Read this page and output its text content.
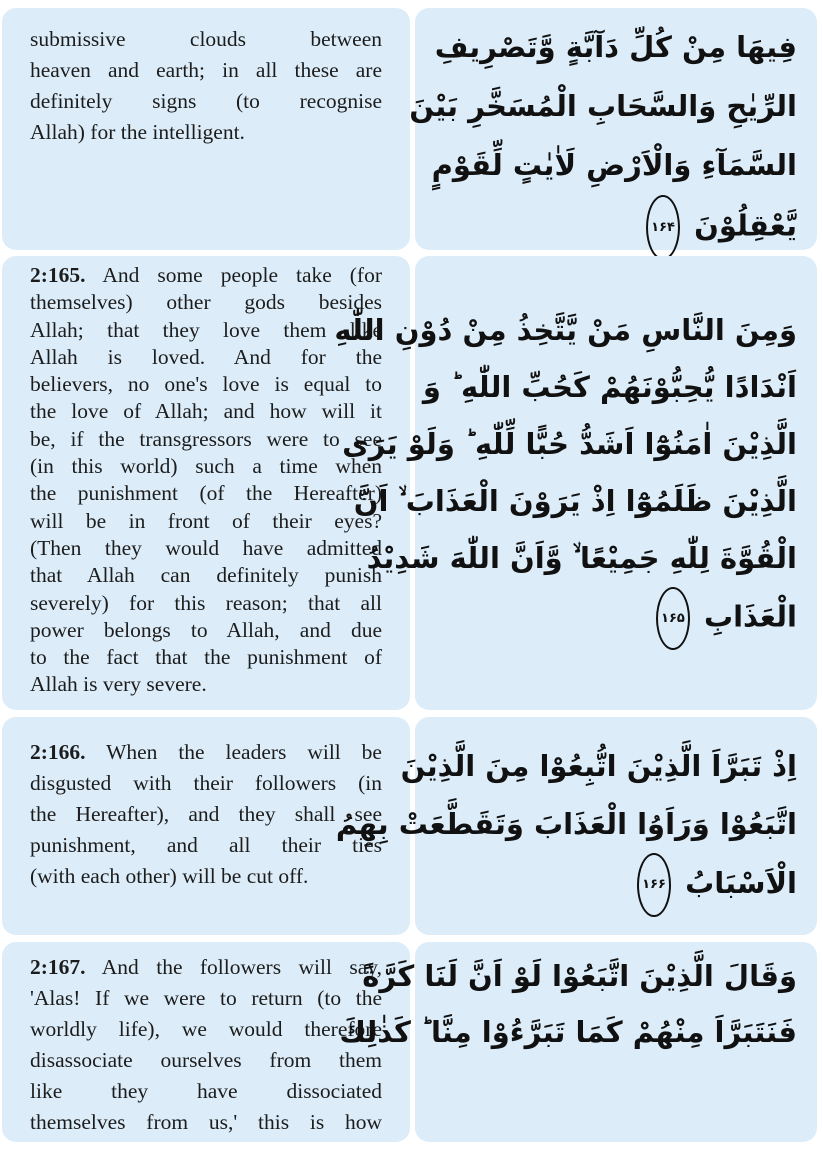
submissive clouds between
heaven and earth; in all these are
definitely signs (to recognise
Allah) for the intelligent.
فِيهَا مِنْ كُلِّ دَآبَّةٍ وَّتَصْرِيفِ
الرِّيٰحِ وَالسَّحَابِ الْمُسَخَّرِ بَيْنَ
السَّمَآءِ وَالْاَرْضِ لَاٰيٰتٍ لِّقَوْمٍ
يَّعْقِلُوْنَ ۱۶۴
2:165. And some people take (for
themselves) other gods besides
Allah; that they love them like
Allah is loved. And for the
believers, no one's love is equal to
the love of Allah; and how will it
be, if the transgressors were to see
(in this world) such a time when
the punishment (of the Hereafter)
will be in front of their eyes?
(Then they would have admitted
that Allah can definitely punish
severely) for this reason; that all
power belongs to Allah, and due
to the fact that the punishment of
Allah is very severe.
وَمِنَ النَّاسِ مَنْ يَّتَّخِذُ مِنْ دُوْنِ اللّٰهِ
اَنْدَادًا يُّحِبُّوْنَهُمْ كَحُبِّ اللّٰهِ ؕ وَ
الَّذِيْنَ اٰمَنُوْٓا اَشَدُّ حُبًّا لِّلّٰهِ ؕ وَلَوْ يَرَى
الَّذِيْنَ ظَلَمُوْٓا اِذْ يَرَوْنَ الْعَذَابَ ۙ اَنَّ
الْقُوَّةَ لِلّٰهِ جَمِيْعًا ۙ وَّاَنَّ اللّٰهَ شَدِيْدُ
الْعَذَابِ ۱۶۵
2:166. When the leaders will be
disgusted with their followers (in
the Hereafter), and they shall see
punishment, and all their ties
(with each other) will be cut off.
اِذْ تَبَرَّاَ الَّذِيْنَ اتُّبِعُوْا مِنَ الَّذِيْنَ
اتَّبَعُوْا وَرَاَوُا الْعَذَابَ وَتَقَطَّعَتْ بِهِمُ
الْاَسْبَابُ ۱۶۶
2:167. And the followers will say,
'Alas! If we were to return (to the
worldly life), we would therefore
disassociate ourselves from them
like they have dissociated
themselves from us,' this is how
وَقَالَ الَّذِيْنَ اتَّبَعُوْا لَوْ اَنَّ لَنَا كَرَّةً
فَنَتَبَرَّاَ مِنْهُمْ كَمَا تَبَرَّءُوْا مِنَّا ؕ كَذٰلِكَ
